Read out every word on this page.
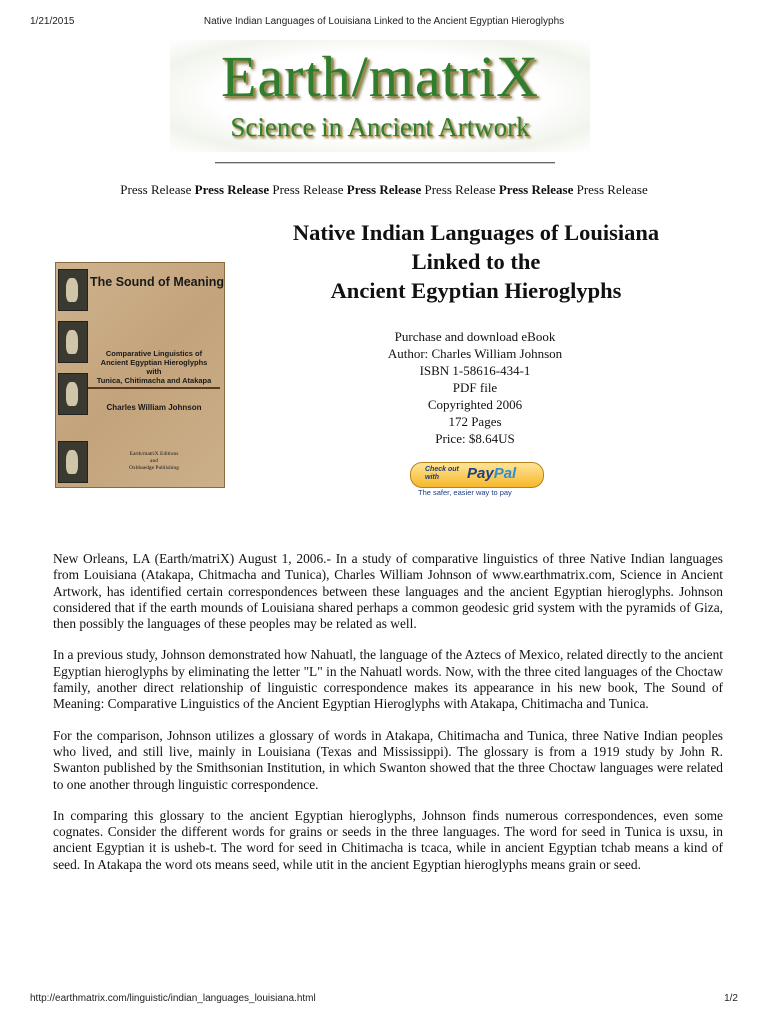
1/21/2015	Native Indian Languages of Louisiana Linked to the Ancient Egyptian Hieroglyphs
Earth/matriX
Science in Ancient Artwork
Press Release Press Release Press Release Press Release Press Release Press Release Press Release
Native Indian Languages of Louisiana
Linked to the
Ancient Egyptian Hieroglyphs
The Sound of Meaning
Comparative Linguistics of
Ancient Egyptian Hieroglyphs
with
Tunica, Chitimacha and Atakapa
Charles William Johnson
Earth/matriX Editions
and
Oxbbaedge Publishing
Purchase and download eBook
Author: Charles William Johnson
ISBN 1-58616-434-1
PDF file
Copyrighted 2006
172 Pages
Price: $8.64US
Check out
with	PayPal
The safer, easier way to pay

New Orleans, LA (Earth/matriX) August 1, 2006.- In a study of comparative linguistics of three Native Indian languages from Louisiana (Atakapa, Chitmacha and Tunica), Charles William Johnson of www.earthmatrix.com, Science in Ancient Artwork, has identified certain correspondences between these languages and the ancient Egyptian hieroglyphs. Johnson considered that if the earth mounds of Louisiana shared perhaps a common geodesic grid system with the pyramids of Giza, then possibly the languages of these peoples may be related as well.

In a previous study, Johnson demonstrated how Nahuatl, the language of the Aztecs of Mexico, related directly to the ancient Egyptian hieroglyphs by eliminating the letter "L" in the Nahuatl words. Now, with the three cited languages of the Choctaw family, another direct relationship of linguistic correspondence makes its appearance in his new book, The Sound of Meaning: Comparative Linguistics of the Ancient Egyptian Hieroglyphs with Atakapa, Chitimacha and Tunica.

For the comparison, Johnson utilizes a glossary of words in Atakapa, Chitimacha and Tunica, three Native Indian peoples who lived, and still live, mainly in Louisiana (Texas and Mississippi). The glossary is from a 1919 study by John R. Swanton published by the Smithsonian Institution, in which Swanton showed that the three Choctaw languages were related to one another through linguistic correspondence.

In comparing this glossary to the ancient Egyptian hieroglyphs, Johnson finds numerous correspondences, even some cognates. Consider the different words for grains or seeds in the three languages. The word for seed in Tunica is uxsu, in ancient Egyptian it is usheb-t. The word for seed in Chitimacha is tcaca, while in ancient Egyptian tchab means a kind of seed. In Atakapa the word ots means seed, while utit in the ancient Egyptian hieroglyphs means grain or seed.

http://earthmatrix.com/linguistic/indian_languages_louisiana.html	1/2
